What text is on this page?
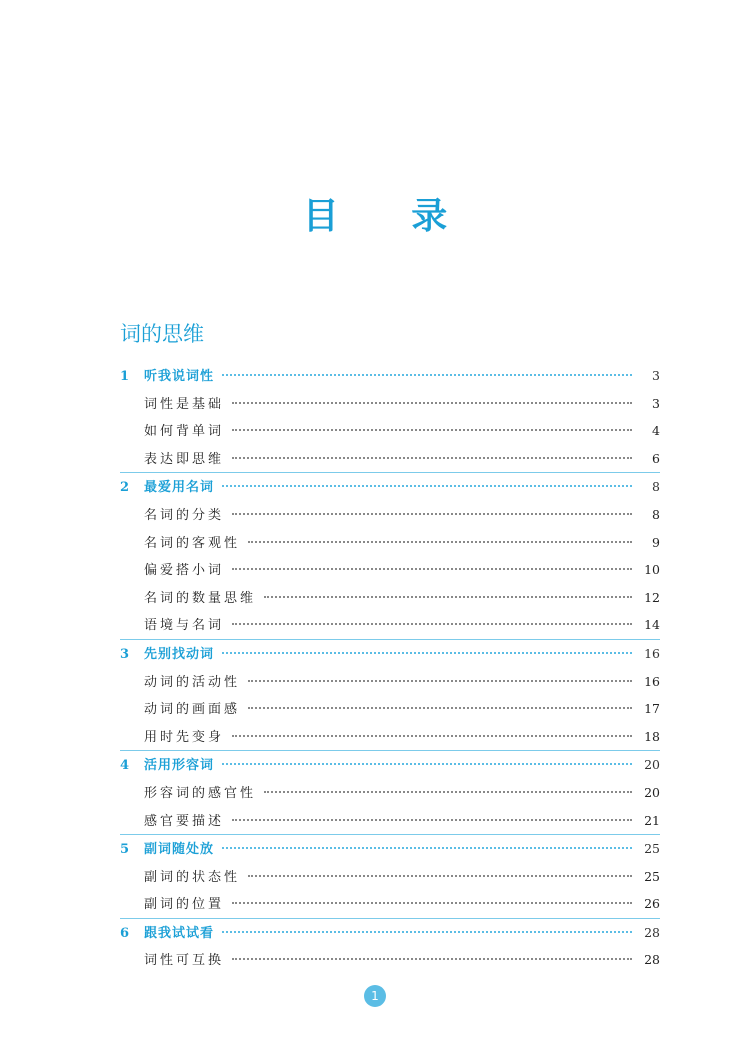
目 录
词的思维
1	听我说词性	3
词性是基础	3
如何背单词	4
表达即思维	6
2	最爱用名词	8
名词的分类	8
名词的客观性	9
偏爱搭小词	10
名词的数量思维	12
语境与名词	14
3	先别找动词	16
动词的活动性	16
动词的画面感	17
用时先变身	18
4	活用形容词	20
形容词的感官性	20
感官要描述	21
5	副词随处放	25
副词的状态性	25
副词的位置	26
6	跟我试试看	28
词性可互换	28
1
